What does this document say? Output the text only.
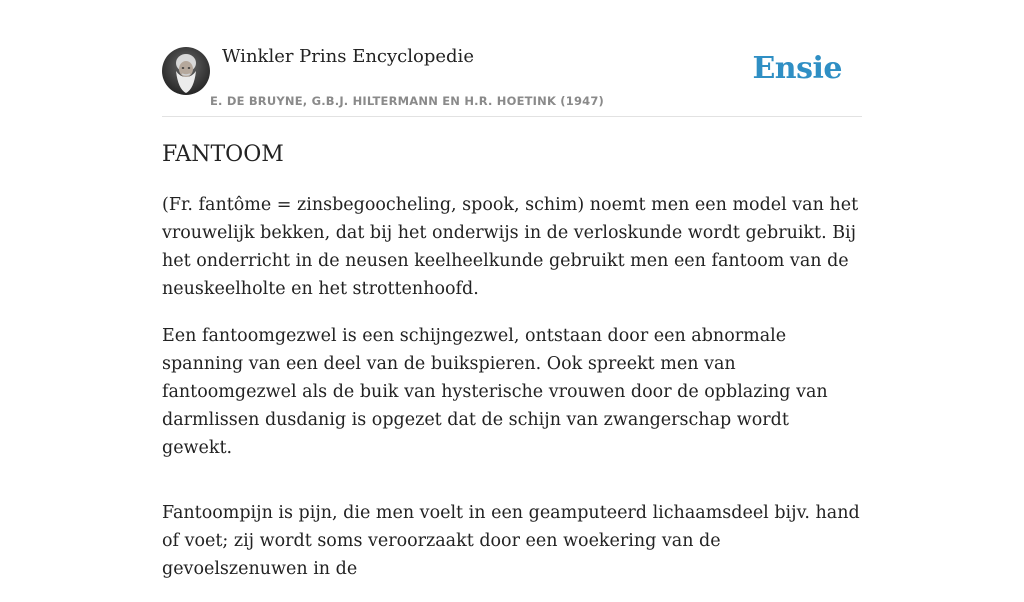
Winkler Prins Encyclopedie
E. DE BRUYNE, G.B.J. HILTERMANN EN H.R. HOETINK (1947)
Ensie
FANTOOM

(Fr. fantôme = zinsbegoocheling, spook, schim) noemt men een model van het vrouwelijk bekken, dat bij het onderwijs in de verloskunde wordt gebruikt. Bij het onderricht in de neusen keelheelkunde gebruikt men een fantoom van de neuskeelholte en het strottenhoofd.

Een fantoomgezwel is een schijngezwel, ontstaan door een abnormale spanning van een deel van de buikspieren. Ook spreekt men van fantoomgezwel als de buik van hysterische vrouwen door de opblazing van darmlissen dusdanig is opgezet dat de schijn van zwangerschap wordt gewekt.

Fantoompijn is pijn, die men voelt in een geamputeerd lichaamsdeel bijv. hand of voet; zij wordt soms veroorzaakt door een woekering van de gevoelszenuwen in de
